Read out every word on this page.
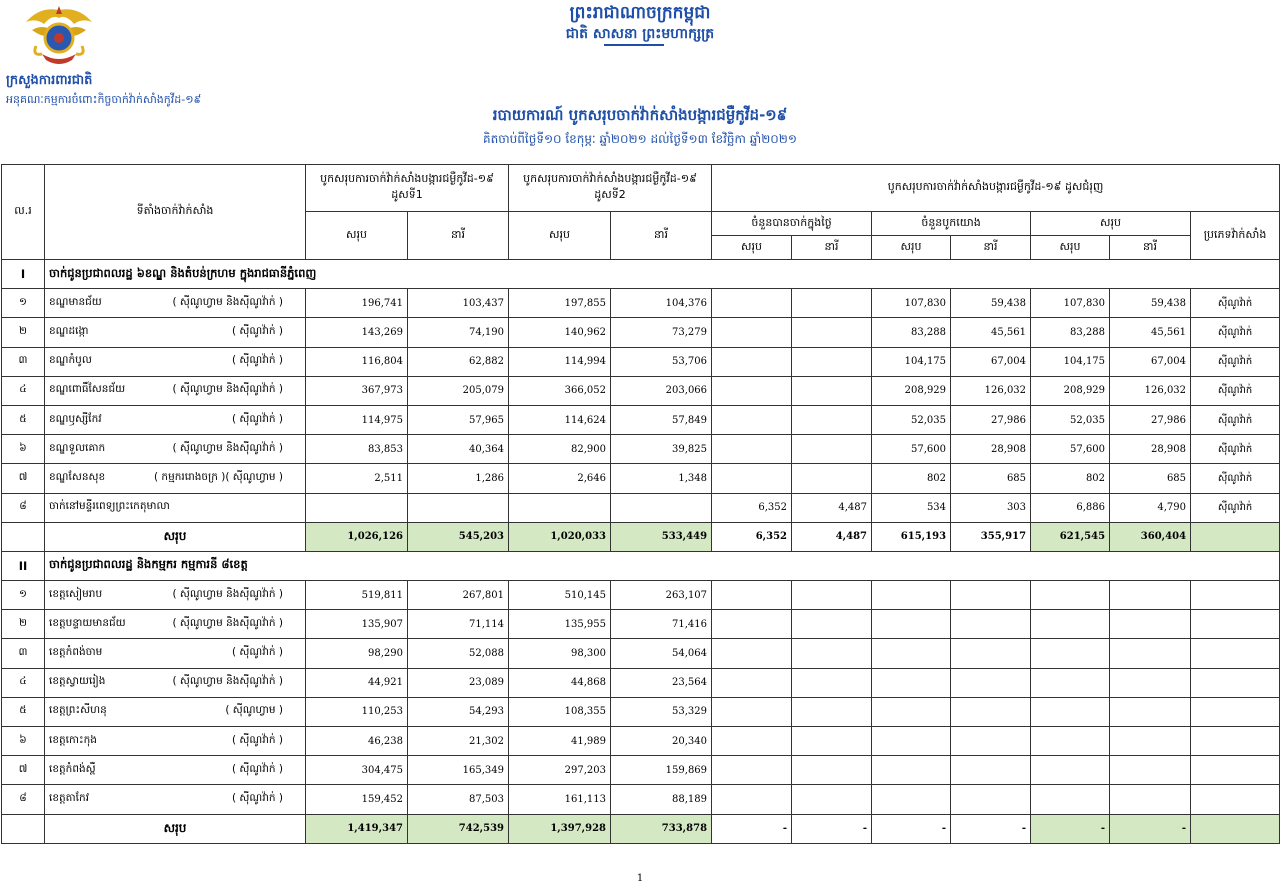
ព្រះរាជាណាចក្រកម្ពុជា
ជាតិ សាសនា ព្រះមហាក្សត្រ
ក្រសួងការពារជាតិ
អនុគណៈកម្មការចំពោះកិច្ចចាក់វ៉ាក់សាំងកូវីដ-១៩
របាយការណ៍ បូកសរុបចាក់វ៉ាក់សាំងបង្ការជម្ងឺកូវីដ-១៩
គិតចាប់ពីថ្ងៃទី១០ ខែកុម្ភៈ ឆ្នាំ២០២១ ដល់ថ្ងៃទី១៣ ខែវិច្ឆិកា ឆ្នាំ២០២១
ល.រ	ទីតាំងចាក់វ៉ាក់សាំង	បូកសរុបការចាក់វ៉ាក់សាំងបង្ការជម្ងឺកូវីដ-១៩ ដូសទី1		បូកសរុបការចាក់វ៉ាក់សាំងបង្ការជម្ងឺកូវីដ-១៩ ដូសទី2		បូកសរុបការចាក់វ៉ាក់សាំងបង្ការជម្ងឺកូវីដ-១៩ ដូសជំរុញ						
		សរុប	នារី	សរុប	នារី	ចំនួនបានចាក់ក្នុងថ្ងៃ		ចំនួនបូកយោង		សរុប		ប្រភេទវ៉ាក់សាំង
						សរុប	នារី	សរុប	នារី	សរុប	នារី	
I	ចាក់ជូនប្រជាពលរដ្ឋ ៦ខណ្ឌ និងតំបន់ក្រហម ក្នុងរាជធានីភ្នំពេញ											
១	ខណ្ឌមានជ័យ ( ស៊ីណូហ្វាម និងស៊ីណូវ៉ាក់ )	196,741	103,437	197,855	104,376			107,830	59,438	107,830	59,438	ស៊ីណូវ៉ាក់
២	ខណ្ឌដង្កោ ( ស៊ីណូវ៉ាក់ )	143,269	74,190	140,962	73,279			83,288	45,561	83,288	45,561	ស៊ីណូវ៉ាក់
៣	ខណ្ឌកំបូល ( ស៊ីណូវ៉ាក់ )	116,804	62,882	114,994	53,706			104,175	67,004	104,175	67,004	ស៊ីណូវ៉ាក់
៤	ខណ្ឌពោធិ៍សែនជ័យ ( ស៊ីណូហ្វាម និងស៊ីណូវ៉ាក់ )	367,973	205,079	366,052	203,066			208,929	126,032	208,929	126,032	ស៊ីណូវ៉ាក់
៥	ខណ្ឌឫស្សីកែវ ( ស៊ីណូវ៉ាក់ )	114,975	57,965	114,624	57,849			52,035	27,986	52,035	27,986	ស៊ីណូវ៉ាក់
៦	ខណ្ឌទួលគោក ( ស៊ីណូហ្វាម និងស៊ីណូវ៉ាក់ )	83,853	40,364	82,900	39,825			57,600	28,908	57,600	28,908	ស៊ីណូវ៉ាក់
៧	ខណ្ឌសែនសុខ ( កម្មកររោងចក្រ )( ស៊ីណូហ្វាម )	2,511	1,286	2,646	1,348			802	685	802	685	ស៊ីណូវ៉ាក់
៨	ចាក់នៅមន្ទីរពេទ្យព្រះកេតុមាលា					6,352	4,487	534	303	6,886	4,790	ស៊ីណូវ៉ាក់
	សរុប	1,026,126	545,203	1,020,033	533,449	6,352	4,487	615,193	355,917	621,545	360,404	
II	ចាក់ជូនប្រជាពលរដ្ឋ និងកម្មករ កម្មការនី ៨ខេត្ត											
១	ខេត្តសៀមរាប ( ស៊ីណូហ្វាម និងស៊ីណូវ៉ាក់ )	519,811	267,801	510,145	263,107							
២	ខេត្តបន្ទាយមានជ័យ ( ស៊ីណូហ្វាម និងស៊ីណូវ៉ាក់ )	135,907	71,114	135,955	71,416							
៣	ខេត្តកំពង់ចាម ( ស៊ីណូវ៉ាក់ )	98,290	52,088	98,300	54,064							
៤	ខេត្តស្វាយរៀង ( ស៊ីណូហ្វាម និងស៊ីណូវ៉ាក់ )	44,921	23,089	44,868	23,564							
៥	ខេត្តព្រះសីហនុ ( ស៊ីណូហ្វាម )	110,253	54,293	108,355	53,329							
៦	ខេត្តកោះកុង ( ស៊ីណូវ៉ាក់ )	46,238	21,302	41,989	20,340							
៧	ខេត្តកំពង់ស្ពឺ ( ស៊ីណូវ៉ាក់ )	304,475	165,349	297,203	159,869							
៨	ខេត្តតាកែវ ( ស៊ីណូវ៉ាក់ )	159,452	87,503	161,113	88,189							
	សរុប	1,419,347	742,539	1,397,928	733,878	-	-	-	-	-	-	
1
